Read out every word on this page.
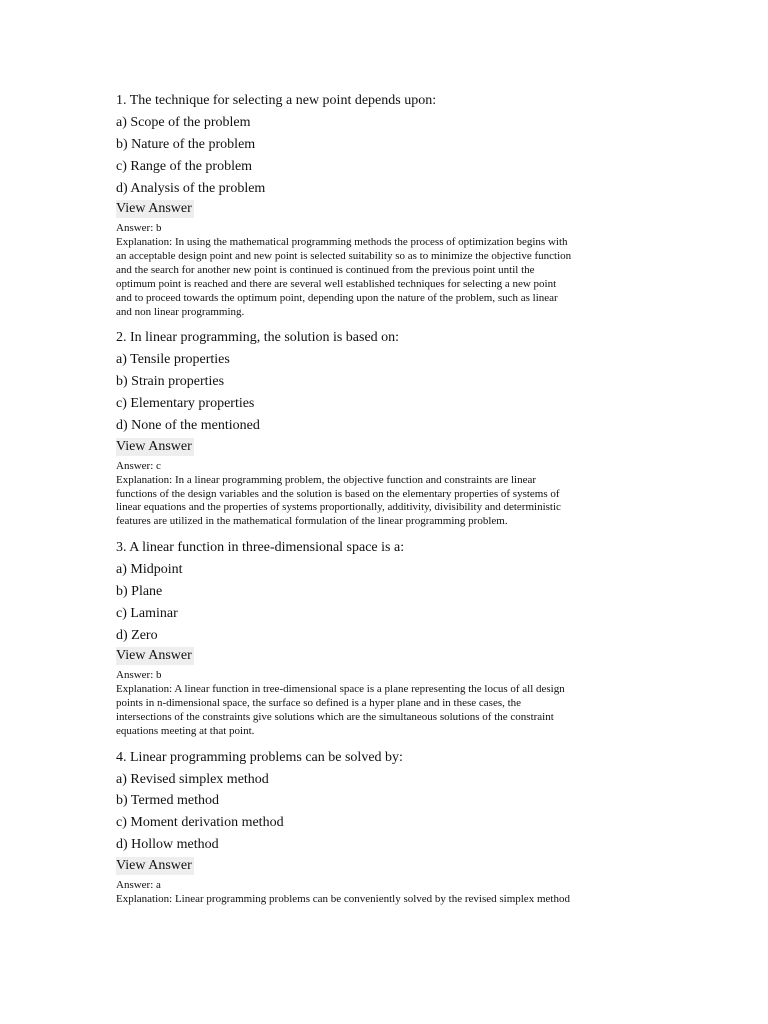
1. The technique for selecting a new point depends upon:
a) Scope of the problem
b) Nature of the problem
c) Range of the problem
d) Analysis of the problem
View Answer
Answer: b
Explanation: In using the mathematical programming methods the process of optimization begins with
an acceptable design point and new point is selected suitability so as to minimize the objective function
and the search for another new point is continued is continued from the previous point until the
optimum point is reached and there are several well established techniques for selecting a new point
and to proceed towards the optimum point, depending upon the nature of the problem, such as linear
and non linear programming.
2. In linear programming, the solution is based on:
a) Tensile properties
b) Strain properties
c) Elementary properties
d) None of the mentioned
View Answer
Answer: c
Explanation: In a linear programming problem, the objective function and constraints are linear
functions of the design variables and the solution is based on the elementary properties of systems of
linear equations and the properties of systems proportionally, additivity, divisibility and deterministic
features are utilized in the mathematical formulation of the linear programming problem.
3. A linear function in three-dimensional space is a:
a) Midpoint
b) Plane
c) Laminar
d) Zero
View Answer
Answer: b
Explanation: A linear function in tree-dimensional space is a plane representing the locus of all design
points in n-dimensional space, the surface so defined is a hyper plane and in these cases, the
intersections of the constraints give solutions which are the simultaneous solutions of the constraint
equations meeting at that point.
4. Linear programming problems can be solved by:
a) Revised simplex method
b) Termed method
c) Moment derivation method
d) Hollow method
View Answer
Answer: a
Explanation: Linear programming problems can be conveniently solved by the revised simplex method
